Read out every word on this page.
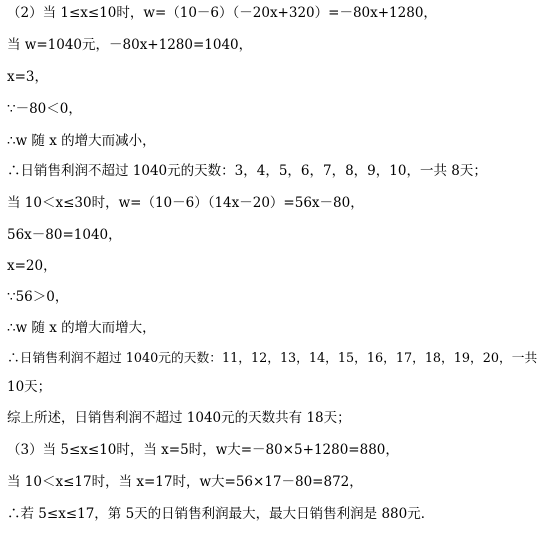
（2）当 1≤x≤10时，w=（10－6）（－20x+320）=－80x+1280，
当 w=1040元，－80x+1280=1040，
x=3，
∵－80＜0，
∴w 随 x 的增大而减小，
∴日销售利润不超过 1040元的天数：3，4，5，6，7，8，9，10，一共 8天；
当 10＜x≤30时，w=（10－6）（14x－20）=56x－80，
56x－80=1040，
x=20，
∵56＞0，
∴w 随 x 的增大而增大，
∴日销售利润不超过 1040元的天数：11，12，13，14，15，16，17，18，19，20，一共
10天；
综上所述，日销售利润不超过 1040元的天数共有 18天；
（3）当 5≤x≤10时，当 x=5时，w大=－80×5+1280=880，
当 10＜x≤17时，当 x=17时，w大=56×17－80=872，
∴若 5≤x≤17，第 5天的日销售利润最大，最大日销售利润是 880元．
